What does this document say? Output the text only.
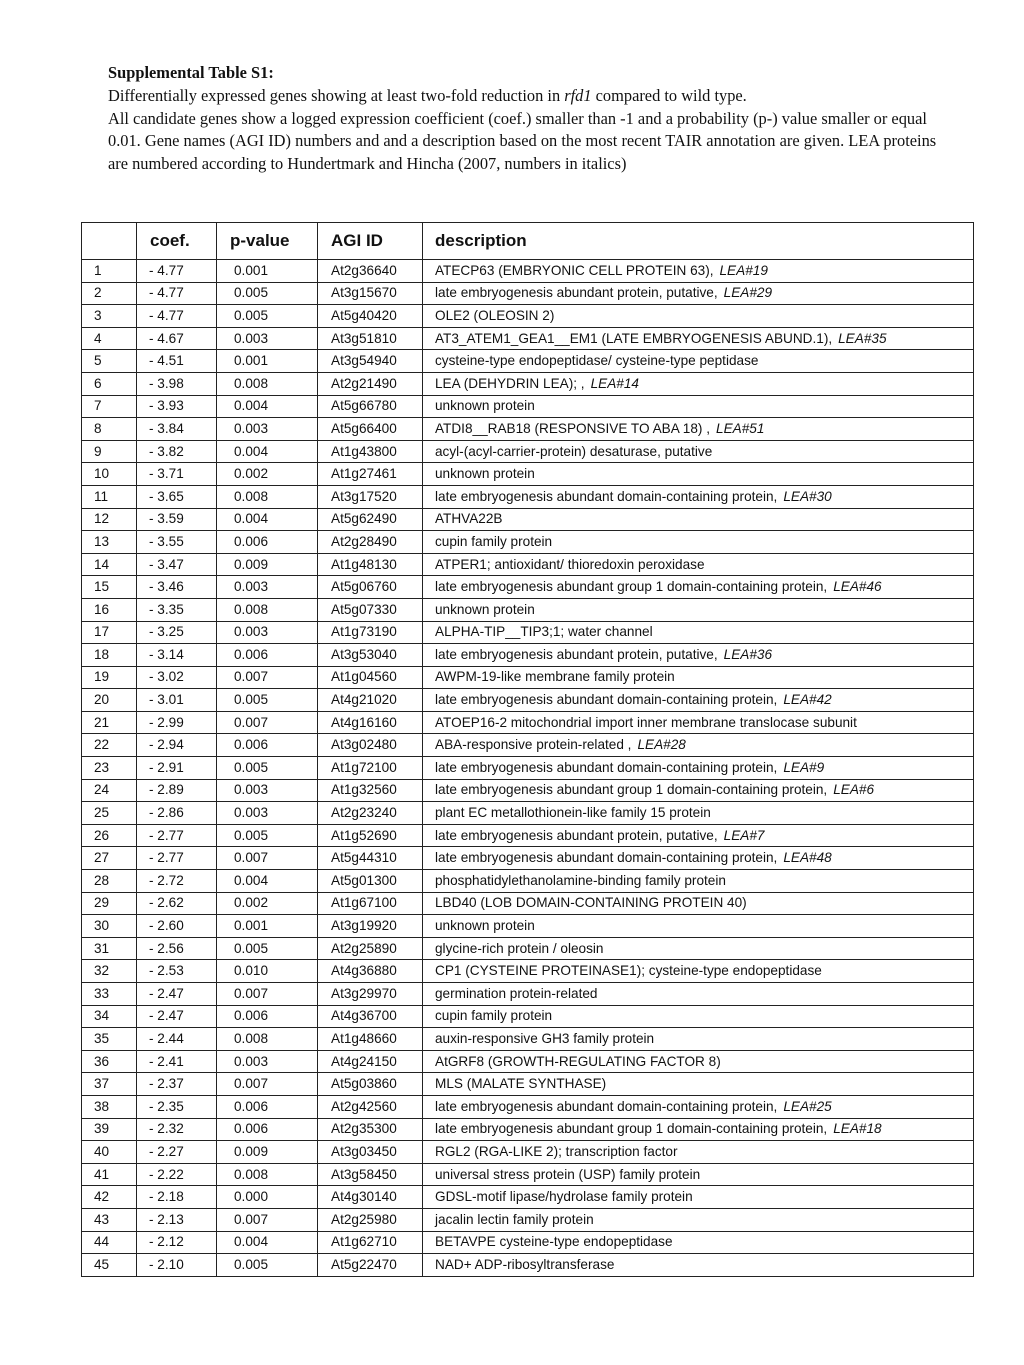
Supplemental Table S1:
Differentially expressed genes showing at least two-fold reduction in rfd1 compared to wild type.
All candidate genes show a logged expression coefficient (coef.) smaller than -1 and a probability (p-) value smaller or equal 0.01. Gene names (AGI ID) numbers and and a description based on the most recent TAIR annotation are given. LEA proteins are numbered according to Hundertmark and Hincha (2007, numbers in italics)
	coef.	p-value	AGI ID	description
1	- 4.77	0.001	At2g36640	ATECP63 (EMBRYONIC CELL PROTEIN 63), LEA#19
2	- 4.77	0.005	At3g15670	late embryogenesis abundant protein, putative, LEA#29
3	- 4.77	0.005	At5g40420	OLE2 (OLEOSIN 2)
4	- 4.67	0.003	At3g51810	AT3_ATEM1_GEA1__EM1 (LATE EMBRYOGENESIS ABUND.1), LEA#35
5	- 4.51	0.001	At3g54940	cysteine-type endopeptidase/ cysteine-type peptidase
6	- 3.98	0.008	At2g21490	LEA (DEHYDRIN LEA); , LEA#14
7	- 3.93	0.004	At5g66780	unknown protein
8	- 3.84	0.003	At5g66400	ATDI8__RAB18 (RESPONSIVE TO ABA 18) , LEA#51
9	- 3.82	0.004	At1g43800	acyl-(acyl-carrier-protein) desaturase, putative
10	- 3.71	0.002	At1g27461	unknown protein
11	- 3.65	0.008	At3g17520	late embryogenesis abundant domain-containing protein, LEA#30
12	- 3.59	0.004	At5g62490	ATHVA22B
13	- 3.55	0.006	At2g28490	cupin family protein
14	- 3.47	0.009	At1g48130	ATPER1; antioxidant/ thioredoxin peroxidase
15	- 3.46	0.003	At5g06760	late embryogenesis abundant group 1 domain-containing protein, LEA#46
16	- 3.35	0.008	At5g07330	unknown protein
17	- 3.25	0.003	At1g73190	ALPHA-TIP__TIP3;1; water channel
18	- 3.14	0.006	At3g53040	late embryogenesis abundant protein, putative, LEA#36
19	- 3.02	0.007	At1g04560	AWPM-19-like membrane family protein
20	- 3.01	0.005	At4g21020	late embryogenesis abundant domain-containing protein, LEA#42
21	- 2.99	0.007	At4g16160	ATOEP16-2 mitochondrial import inner membrane translocase subunit
22	- 2.94	0.006	At3g02480	ABA-responsive protein-related , LEA#28
23	- 2.91	0.005	At1g72100	late embryogenesis abundant domain-containing protein, LEA#9
24	- 2.89	0.003	At1g32560	late embryogenesis abundant group 1 domain-containing protein, LEA#6
25	- 2.86	0.003	At2g23240	plant EC metallothionein-like family 15 protein
26	- 2.77	0.005	At1g52690	late embryogenesis abundant protein, putative, LEA#7
27	- 2.77	0.007	At5g44310	late embryogenesis abundant domain-containing protein, LEA#48
28	- 2.72	0.004	At5g01300	phosphatidylethanolamine-binding family protein
29	- 2.62	0.002	At1g67100	LBD40 (LOB DOMAIN-CONTAINING PROTEIN 40)
30	- 2.60	0.001	At3g19920	unknown protein
31	- 2.56	0.005	At2g25890	glycine-rich protein / oleosin
32	- 2.53	0.010	At4g36880	CP1 (CYSTEINE PROTEINASE1); cysteine-type endopeptidase
33	- 2.47	0.007	At3g29970	germination protein-related
34	- 2.47	0.006	At4g36700	cupin family protein
35	- 2.44	0.008	At1g48660	auxin-responsive GH3 family protein
36	- 2.41	0.003	At4g24150	AtGRF8 (GROWTH-REGULATING FACTOR 8)
37	- 2.37	0.007	At5g03860	MLS (MALATE SYNTHASE)
38	- 2.35	0.006	At2g42560	late embryogenesis abundant domain-containing protein, LEA#25
39	- 2.32	0.006	At2g35300	late embryogenesis abundant group 1 domain-containing protein, LEA#18
40	- 2.27	0.009	At3g03450	RGL2 (RGA-LIKE 2); transcription factor
41	- 2.22	0.008	At3g58450	universal stress protein (USP) family protein
42	- 2.18	0.000	At4g30140	GDSL-motif lipase/hydrolase family protein
43	- 2.13	0.007	At2g25980	jacalin lectin family protein
44	- 2.12	0.004	At1g62710	BETAVPE cysteine-type endopeptidase
45	- 2.10	0.005	At5g22470	NAD+ ADP-ribosyltransferase
